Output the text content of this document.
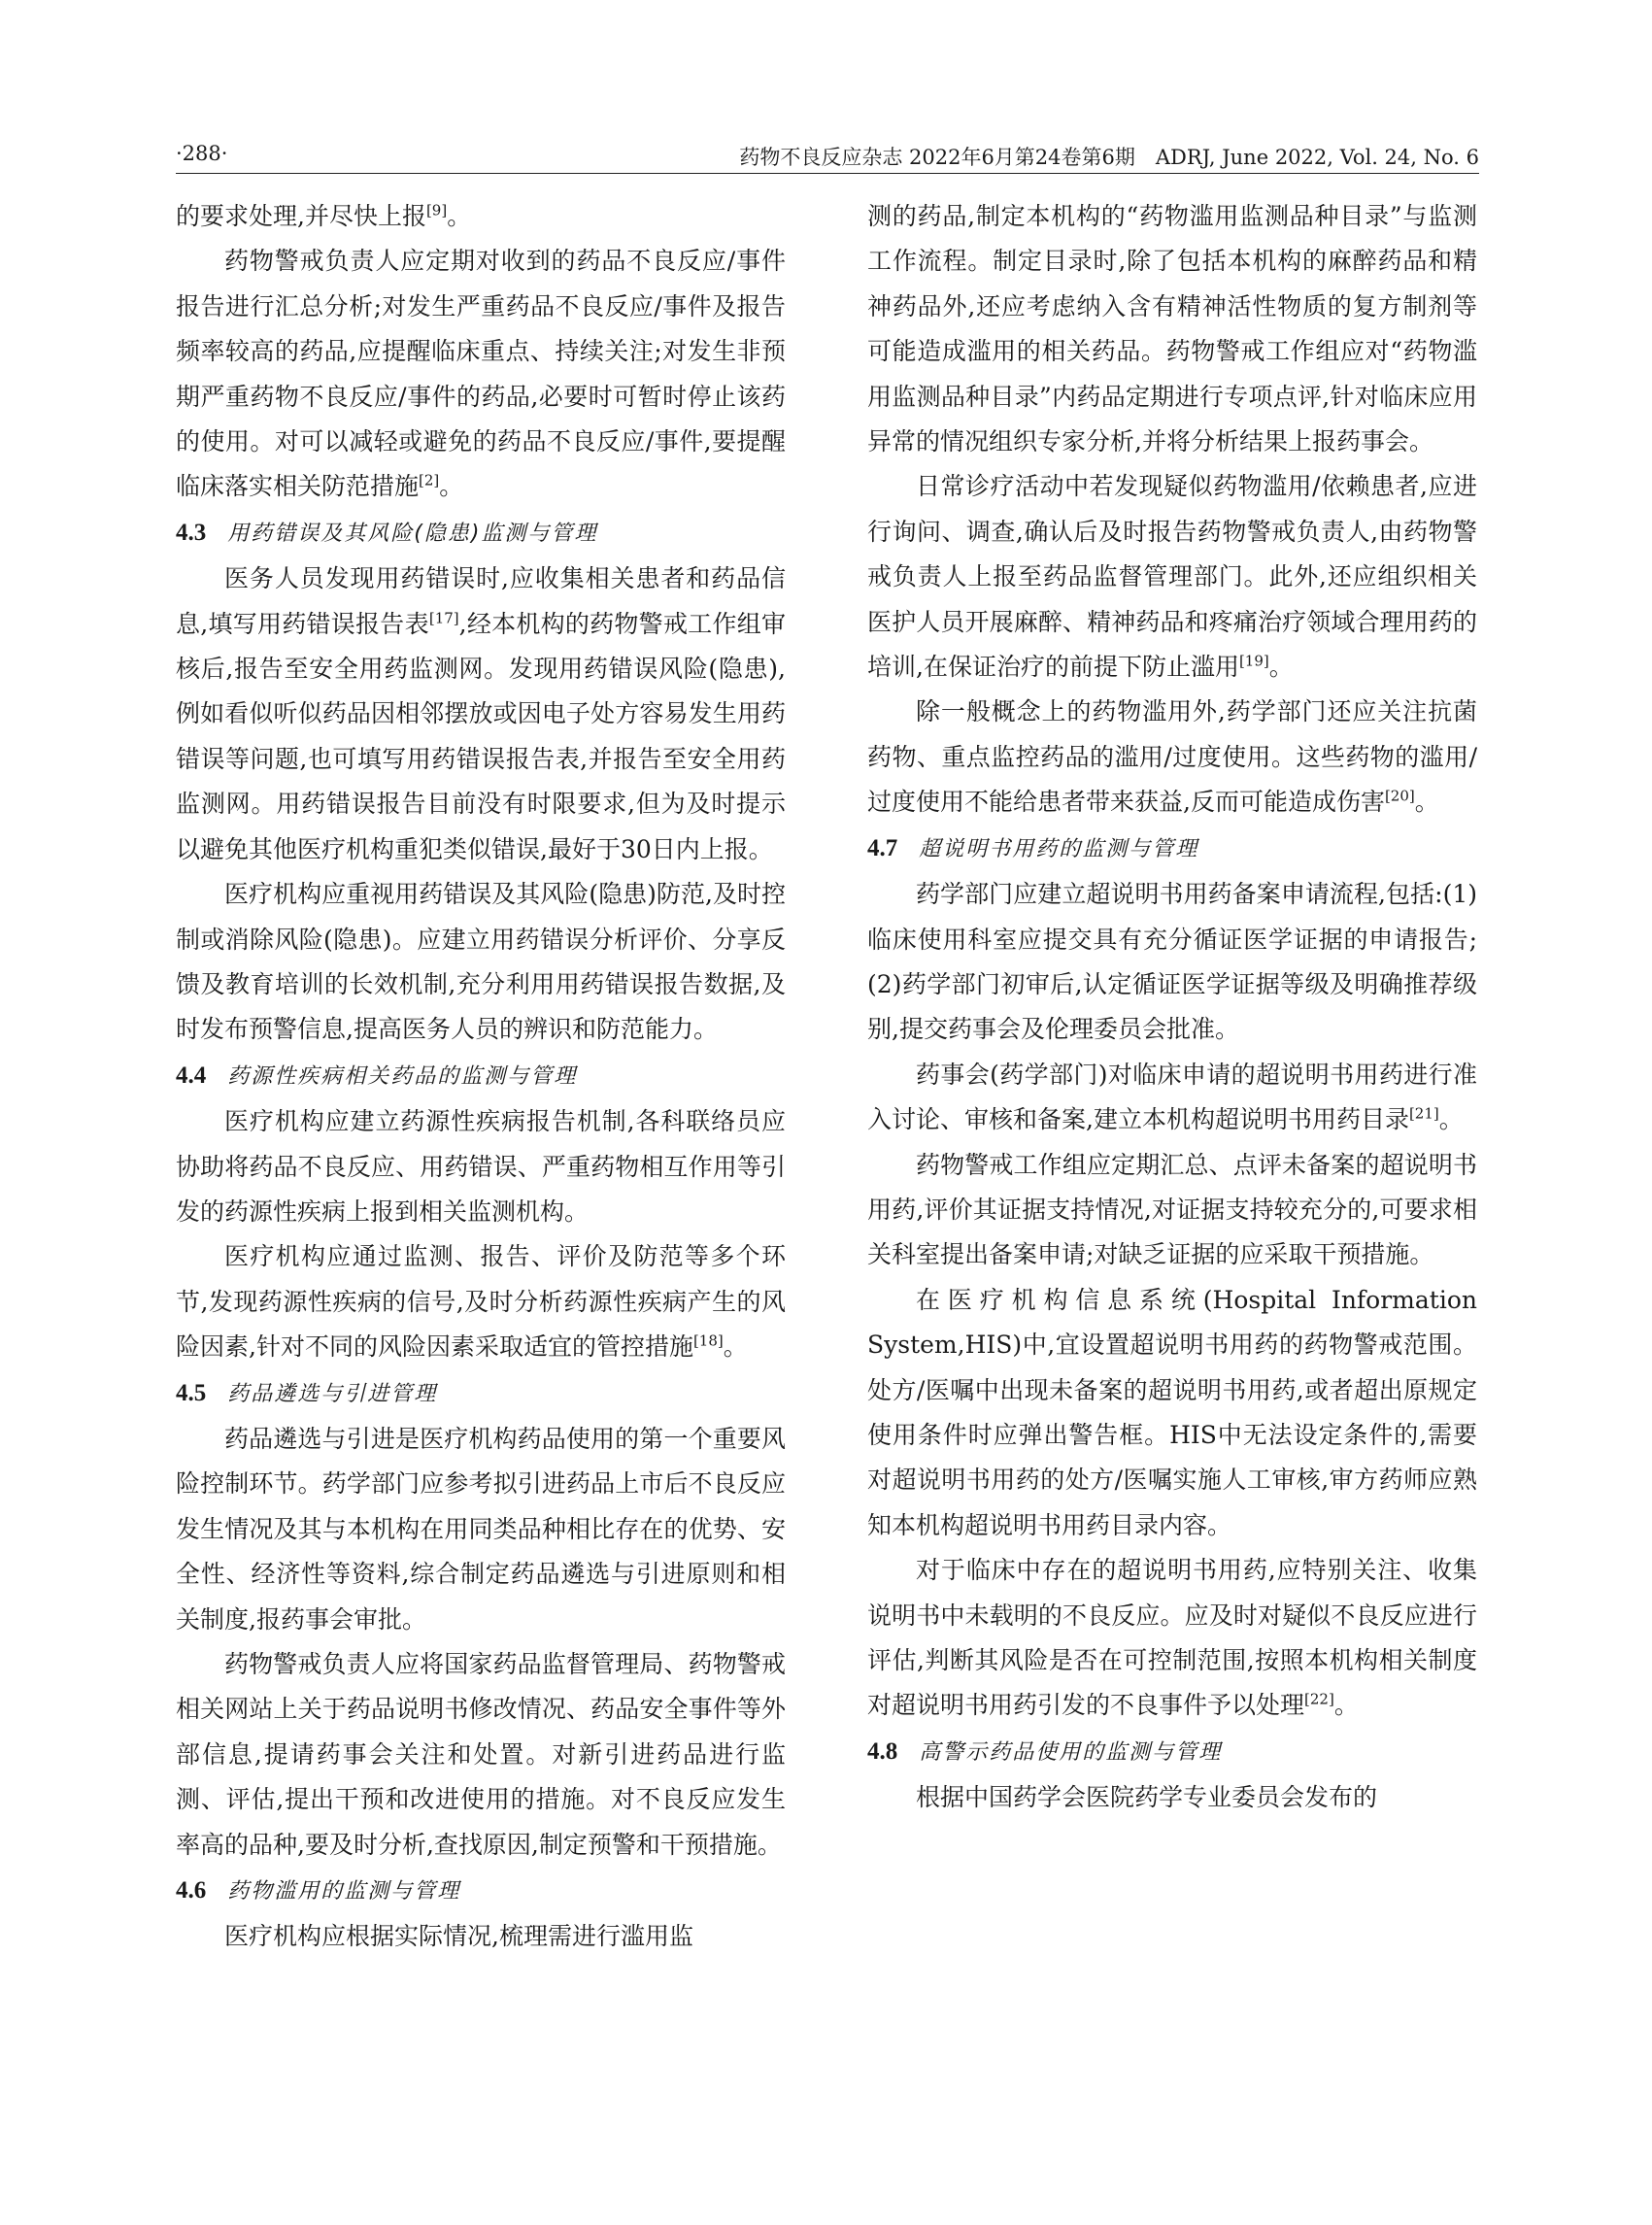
·288·	药物不良反应杂志 2022年6月第24卷第6期　ADRJ, June 2022, Vol. 24, No. 6

的要求处理,并尽快上报[9]。

药物警戒负责人应定期对收到的药品不良反应/事件报告进行汇总分析;对发生严重药品不良反应/事件及报告频率较高的药品,应提醒临床重点、持续关注;对发生非预期严重药物不良反应/事件的药品,必要时可暂时停止该药的使用。对可以减轻或避免的药品不良反应/事件,要提醒临床落实相关防范措施[2]。

4.3 用药错误及其风险(隐患)监测与管理

医务人员发现用药错误时,应收集相关患者和药品信息,填写用药错误报告表[17],经本机构的药物警戒工作组审核后,报告至安全用药监测网。发现用药错误风险(隐患),例如看似听似药品因相邻摆放或因电子处方容易发生用药错误等问题,也可填写用药错误报告表,并报告至安全用药监测网。用药错误报告目前没有时限要求,但为及时提示以避免其他医疗机构重犯类似错误,最好于30日内上报。

医疗机构应重视用药错误及其风险(隐患)防范,及时控制或消除风险(隐患)。应建立用药错误分析评价、分享反馈及教育培训的长效机制,充分利用用药错误报告数据,及时发布预警信息,提高医务人员的辨识和防范能力。

4.4 药源性疾病相关药品的监测与管理

医疗机构应建立药源性疾病报告机制,各科联络员应协助将药品不良反应、用药错误、严重药物相互作用等引发的药源性疾病上报到相关监测机构。

医疗机构应通过监测、报告、评价及防范等多个环节,发现药源性疾病的信号,及时分析药源性疾病产生的风险因素,针对不同的风险因素采取适宜的管控措施[18]。

4.5 药品遴选与引进管理

药品遴选与引进是医疗机构药品使用的第一个重要风险控制环节。药学部门应参考拟引进药品上市后不良反应发生情况及其与本机构在用同类品种相比存在的优势、安全性、经济性等资料,综合制定药品遴选与引进原则和相关制度,报药事会审批。

药物警戒负责人应将国家药品监督管理局、药物警戒相关网站上关于药品说明书修改情况、药品安全事件等外部信息,提请药事会关注和处置。对新引进药品进行监测、评估,提出干预和改进使用的措施。对不良反应发生率高的品种,要及时分析,查找原因,制定预警和干预措施。

4.6 药物滥用的监测与管理

医疗机构应根据实际情况,梳理需进行滥用监

测的药品,制定本机构的“药物滥用监测品种目录”与监测工作流程。制定目录时,除了包括本机构的麻醉药品和精神药品外,还应考虑纳入含有精神活性物质的复方制剂等可能造成滥用的相关药品。药物警戒工作组应对“药物滥用监测品种目录”内药品定期进行专项点评,针对临床应用异常的情况组织专家分析,并将分析结果上报药事会。

日常诊疗活动中若发现疑似药物滥用/依赖患者,应进行询问、调查,确认后及时报告药物警戒负责人,由药物警戒负责人上报至药品监督管理部门。此外,还应组织相关医护人员开展麻醉、精神药品和疼痛治疗领域合理用药的培训,在保证治疗的前提下防止滥用[19]。

除一般概念上的药物滥用外,药学部门还应关注抗菌药物、重点监控药品的滥用/过度使用。这些药物的滥用/过度使用不能给患者带来获益,反而可能造成伤害[20]。

4.7 超说明书用药的监测与管理

药学部门应建立超说明书用药备案申请流程,包括:(1)临床使用科室应提交具有充分循证医学证据的申请报告;(2)药学部门初审后,认定循证医学证据等级及明确推荐级别,提交药事会及伦理委员会批准。

药事会(药学部门)对临床申请的超说明书用药进行准入讨论、审核和备案,建立本机构超说明书用药目录[21]。

药物警戒工作组应定期汇总、点评未备案的超说明书用药,评价其证据支持情况,对证据支持较充分的,可要求相关科室提出备案申请;对缺乏证据的应采取干预措施。

在医疗机构信息系统(Hospital Information System,HIS)中,宜设置超说明书用药的药物警戒范围。处方/医嘱中出现未备案的超说明书用药,或者超出原规定使用条件时应弹出警告框。HIS中无法设定条件的,需要对超说明书用药的处方/医嘱实施人工审核,审方药师应熟知本机构超说明书用药目录内容。

对于临床中存在的超说明书用药,应特别关注、收集说明书中未载明的不良反应。应及时对疑似不良反应进行评估,判断其风险是否在可控制范围,按照本机构相关制度对超说明书用药引发的不良事件予以处理[22]。

4.8 高警示药品使用的监测与管理

根据中国药学会医院药学专业委员会发布的
